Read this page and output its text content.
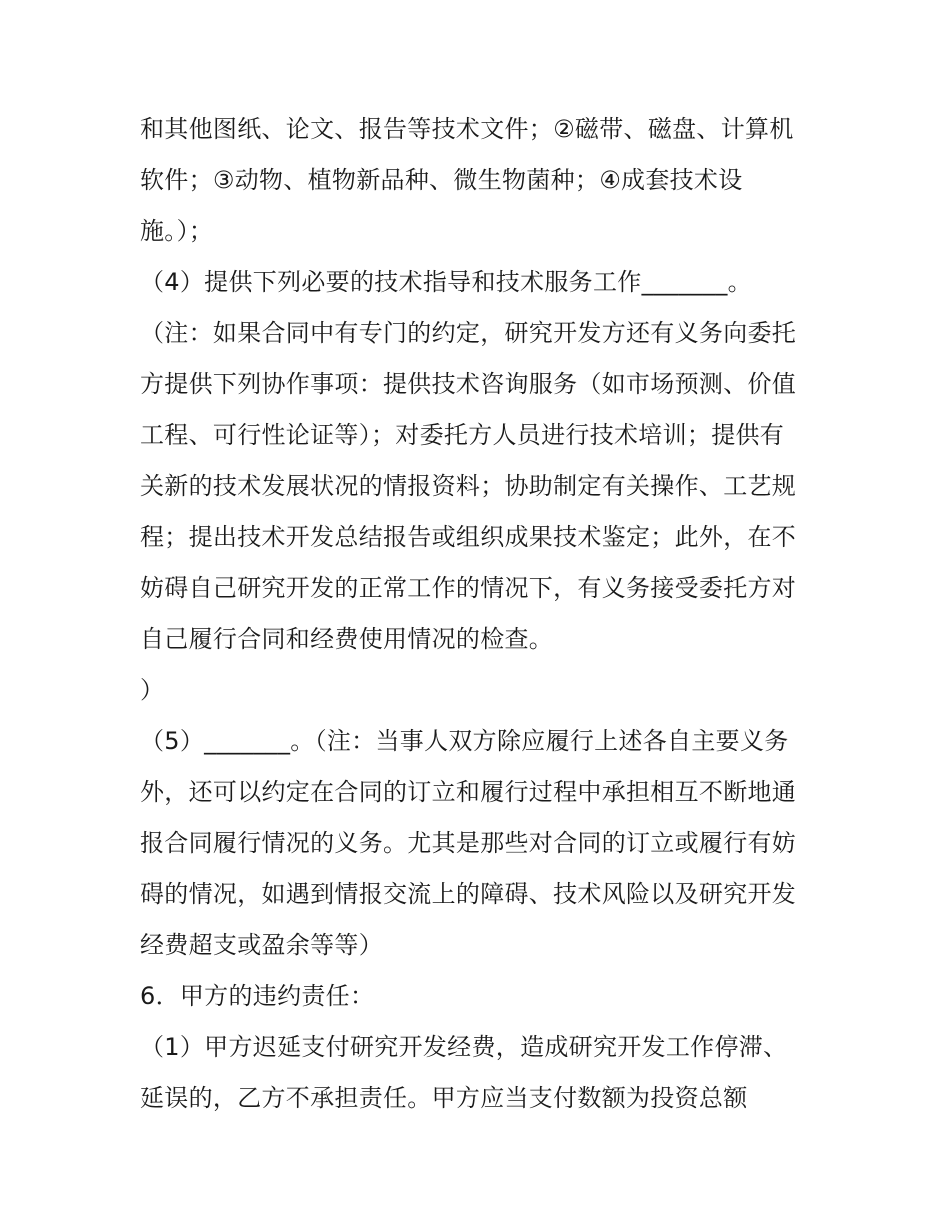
和其他图纸、论文、报告等技术文件；②磁带、磁盘、计算机
软件；③动物、植物新品种、微生物菌种；④成套技术设
施。）；
（4）提供下列必要的技术指导和技术服务工作_______。
（注：如果合同中有专门的约定，研究开发方还有义务向委托
方提供下列协作事项：提供技术咨询服务（如市场预测、价值
工程、可行性论证等）；对委托方人员进行技术培训；提供有
关新的技术发展状况的情报资料；协助制定有关操作、工艺规
程；提出技术开发总结报告或组织成果技术鉴定；此外，在不
妨碍自己研究开发的正常工作的情况下，有义务接受委托方对
自己履行合同和经费使用情况的检查。
）
（5）_______。（注：当事人双方除应履行上述各自主要义务
外，还可以约定在合同的订立和履行过程中承担相互不断地通
报合同履行情况的义务。尤其是那些对合同的订立或履行有妨
碍的情况，如遇到情报交流上的障碍、技术风险以及研究开发
经费超支或盈余等等）
6．甲方的违约责任：
（1）甲方迟延支付研究开发经费，造成研究开发工作停滞、
延误的，乙方不承担责任。甲方应当支付数额为投资总额
